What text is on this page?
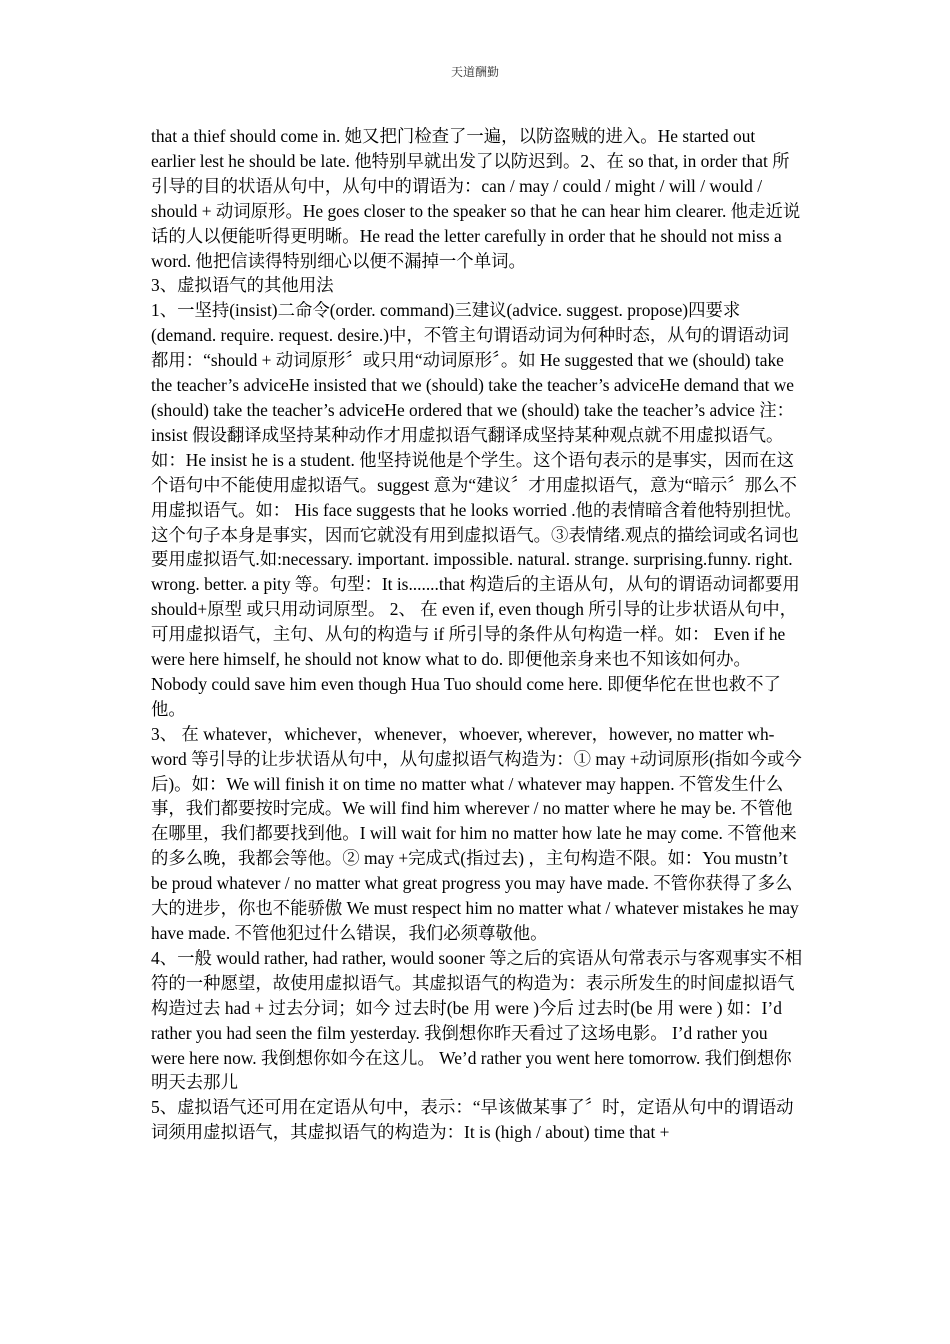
天道酬勤

that a thief should come in. 她又把门检查了一遍，以防盗贼的进入。He started out earlier lest he should be late. 他特别早就出发了以防迟到。2、在 so that, in order that 所引导的目的状语从句中，从句中的谓语为：can / may / could / might / will / would / should + 动词原形。He goes closer to the speaker so that he can hear him clearer. 他走近说话的人以便能听得更明晰。He read the letter carefully in order that he should not miss a word. 他把信读得特别细心以便不漏掉一个单词。

3、虚拟语气的其他用法

1、一坚持(insist)二命令(order. command)三建议(advice. suggest. propose)四要求(demand. require. request. desire.)中，不管主句谓语动词为何种时态，从句的谓语动词都用：“should + 动词原形〞或只用“动词原形〞。如 He suggested that we (should) take the teacher’s adviceHe insisted that we (should) take the teacher’s adviceHe demand that we (should) take the teacher’s adviceHe ordered that we (should) take the teacher’s advice 注：insist 假设翻译成坚持某种动作才用虚拟语气翻译成坚持某种观点就不用虚拟语气。如：He insist he is a student. 他坚持说他是个学生。这个语句表示的是事实，因而在这个语句中不能使用虚拟语气。suggest 意为“建议〞才用虚拟语气，意为“暗示〞那么不用虚拟语气。如： His face suggests that he looks worried .他的表情暗含着他特别担忧。这个句子本身是事实，因而它就没有用到虚拟语气。③表情绪.观点的描绘词或名词也要用虚拟语气.如:necessary. important. impossible. natural. strange. surprising.funny. right. wrong. better. a pity 等。句型：It is.......that 构造后的主语从句，从句的谓语动词都要用 should+原型 或只用动词原型。 2、 在 even if, even though 所引导的让步状语从句中，可用虚拟语气，主句、从句的构造与 if 所引导的条件从句构造一样。如： Even if he were here himself, he should not know what to do. 即便他亲身来也不知该如何办。Nobody could save him even though Hua Tuo should come here. 即便华佗在世也救不了他。

3、 在 whatever，whichever，whenever，whoever, wherever，however, no matter wh-word 等引导的让步状语从句中，从句虚拟语气构造为：① may +动词原形(指如今或今后)。如：We will finish it on time no matter what / whatever may happen. 不管发生什么事，我们都要按时完成。We will find him wherever / no matter where he may be. 不管他在哪里，我们都要找到他。I will wait for him no matter how late he may come. 不管他来的多么晚，我都会等他。② may +完成式(指过去) ，主句构造不限。如：You mustn’t be proud whatever / no matter what great progress you may have made. 不管你获得了多么大的进步，你也不能骄傲 We must respect him no matter what / whatever mistakes he may have made. 不管他犯过什么错误，我们必须尊敬他。

4、一般 would rather, had rather, would sooner 等之后的宾语从句常表示与客观事实不相符的一种愿望，故使用虚拟语气。其虚拟语气的构造为：表示所发生的时间虚拟语气构造过去 had + 过去分词；如今 过去时(be 用 were )今后 过去时(be 用 were ) 如：I’d rather you had seen the film yesterday. 我倒想你昨天看过了这场电影。 I’d rather you were here now. 我倒想你如今在这儿。 We’d rather you went here tomorrow. 我们倒想你明天去那儿

5、虚拟语气还可用在定语从句中，表示：“早该做某事了〞时，定语从句中的谓语动词须用虚拟语气，其虚拟语气的构造为：It is (high / about) time that +
